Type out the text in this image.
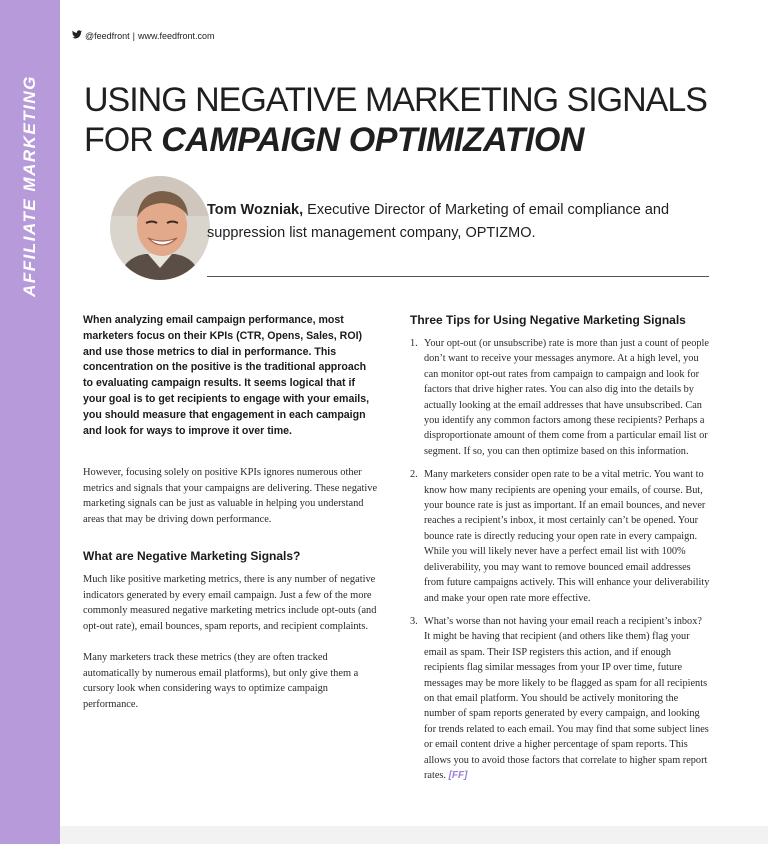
AFFILIATE MARKETING
@feedfront | www.feedfront.com
USING NEGATIVE MARKETING SIGNALS
FOR CAMPAIGN OPTIMIZATION
Tom Wozniak, Executive Director of Marketing of email compliance and suppression list management company, OPTIZMO.

When analyzing email campaign performance, most marketers focus on their KPIs (CTR, Opens, Sales, ROI) and use those metrics to dial in performance. This concentration on the positive is the traditional approach to evaluating campaign results. It seems logical that if your goal is to get recipients to engage with your emails, you should measure that engagement in each campaign and look for ways to improve it over time.

However, focusing solely on positive KPIs ignores numerous other metrics and signals that your campaigns are delivering. These negative marketing signals can be just as valuable in helping you understand areas that may be driving down performance.

What are Negative Marketing Signals?

Much like positive marketing metrics, there is any number of negative indicators generated by every email campaign. Just a few of the more commonly measured negative marketing metrics include opt-outs (and opt-out rate), email bounces, spam reports, and recipient complaints.

Many marketers track these metrics (they are often tracked automatically by numerous email platforms), but only give them a cursory look when considering ways to optimize campaign performance.

Three Tips for Using Negative Marketing Signals
1. Your opt-out (or unsubscribe) rate is more than just a count of people don’t want to receive your messages anymore. At a high level, you can monitor opt-out rates from campaign to campaign and look for factors that drive higher rates. You can also dig into the details by actually looking at the email addresses that have unsubscribed. Can you identify any common factors among these recipients? Perhaps a disproportionate amount of them come from a particular email list or segment. If so, you can then optimize based on this information.
2. Many marketers consider open rate to be a vital metric. You want to know how many recipients are opening your emails, of course. But, your bounce rate is just as important. If an email bounces, and never reaches a recipient’s inbox, it most certainly can’t be opened. Your bounce rate is directly reducing your open rate in every campaign. While you will likely never have a perfect email list with 100% deliverability, you may want to remove bounced email addresses from future campaigns actively. This will enhance your deliverability and make your open rate more effective.
3. What’s worse than not having your email reach a recipient’s inbox? It might be having that recipient (and others like them) flag your email as spam. Their ISP registers this action, and if enough recipients flag similar messages from your IP over time, future messages may be more likely to be flagged as spam for all recipients on that email platform. You should be actively monitoring the number of spam reports generated by every campaign, and looking for trends related to each email. You may find that some subject lines or email content drive a higher percentage of spam reports. This allows you to avoid those factors that correlate to higher spam report rates. [FF]
